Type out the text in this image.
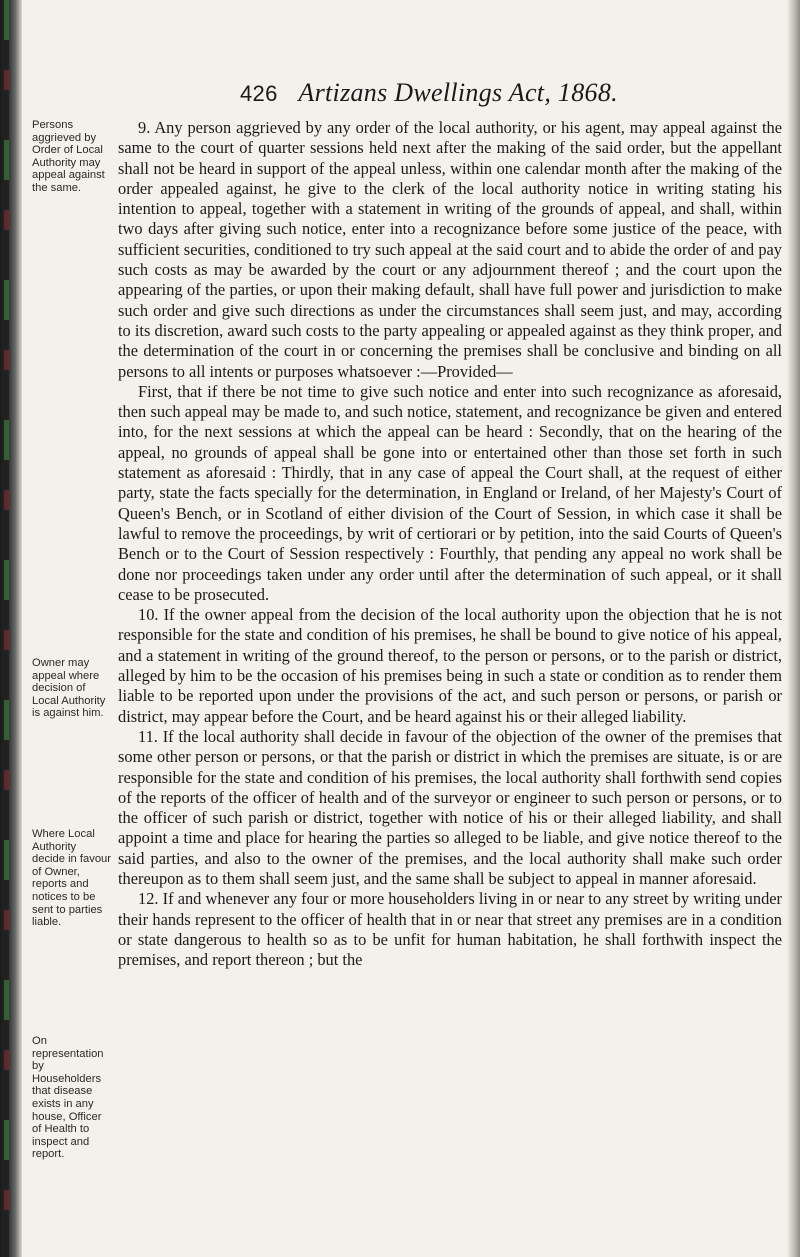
426 Artizans Dwellings Act, 1868.
Persons aggrieved by Order of Local Authority may appeal against the same.
Owner may appeal where decision of Local Authority is against him.
Where Local Authority decide in favour of Owner, reports and notices to be sent to parties liable.
On representation by Householders that disease exists in any house, Officer of Health to inspect and report.

9. Any person aggrieved by any order of the local authority, or his agent, may appeal against the same to the court of quarter sessions held next after the making of the said order, but the appellant shall not be heard in support of the appeal unless, within one calendar month after the making of the order appealed against, he give to the clerk of the local authority notice in writing stating his intention to appeal, together with a statement in writing of the grounds of appeal, and shall, within two days after giving such notice, enter into a recognizance before some justice of the peace, with sufficient securities, conditioned to try such appeal at the said court and to abide the order of and pay such costs as may be awarded by the court or any adjournment thereof ; and the court upon the appearing of the parties, or upon their making default, shall have full power and jurisdiction to make such order and give such directions as under the circumstances shall seem just, and may, according to its discretion, award such costs to the party appealing or appealed against as they think proper, and the determination of the court in or concerning the premises shall be conclusive and binding on all persons to all intents or purposes whatsoever :—Provided—

First, that if there be not time to give such notice and enter into such recognizance as aforesaid, then such appeal may be made to, and such notice, statement, and recognizance be given and entered into, for the next sessions at which the appeal can be heard : Secondly, that on the hearing of the appeal, no grounds of appeal shall be gone into or entertained other than those set forth in such statement as aforesaid : Thirdly, that in any case of appeal the Court shall, at the request of either party, state the facts specially for the determination, in England or Ireland, of her Majesty's Court of Queen's Bench, or in Scotland of either division of the Court of Session, in which case it shall be lawful to remove the proceedings, by writ of certiorari or by petition, into the said Courts of Queen's Bench or to the Court of Session respectively : Fourthly, that pending any appeal no work shall be done nor proceedings taken under any order until after the determination of such appeal, or it shall cease to be prosecuted.

10. If the owner appeal from the decision of the local authority upon the objection that he is not responsible for the state and condition of his premises, he shall be bound to give notice of his appeal, and a statement in writing of the ground thereof, to the person or persons, or to the parish or district, alleged by him to be the occasion of his premises being in such a state or condition as to render them liable to be reported upon under the provisions of the act, and such person or persons, or parish or district, may appear before the Court, and be heard against his or their alleged liability.

11. If the local authority shall decide in favour of the objection of the owner of the premises that some other person or persons, or that the parish or district in which the premises are situate, is or are responsible for the state and condition of his premises, the local authority shall forthwith send copies of the reports of the officer of health and of the surveyor or engineer to such person or persons, or to the officer of such parish or district, together with notice of his or their alleged liability, and shall appoint a time and place for hearing the parties so alleged to be liable, and give notice thereof to the said parties, and also to the owner of the premises, and the local authority shall make such order thereupon as to them shall seem just, and the same shall be subject to appeal in manner aforesaid.

12. If and whenever any four or more householders living in or near to any street by writing under their hands represent to the officer of health that in or near that street any premises are in a condition or state dangerous to health so as to be unfit for human habitation, he shall forthwith inspect the premises, and report thereon ; but the
